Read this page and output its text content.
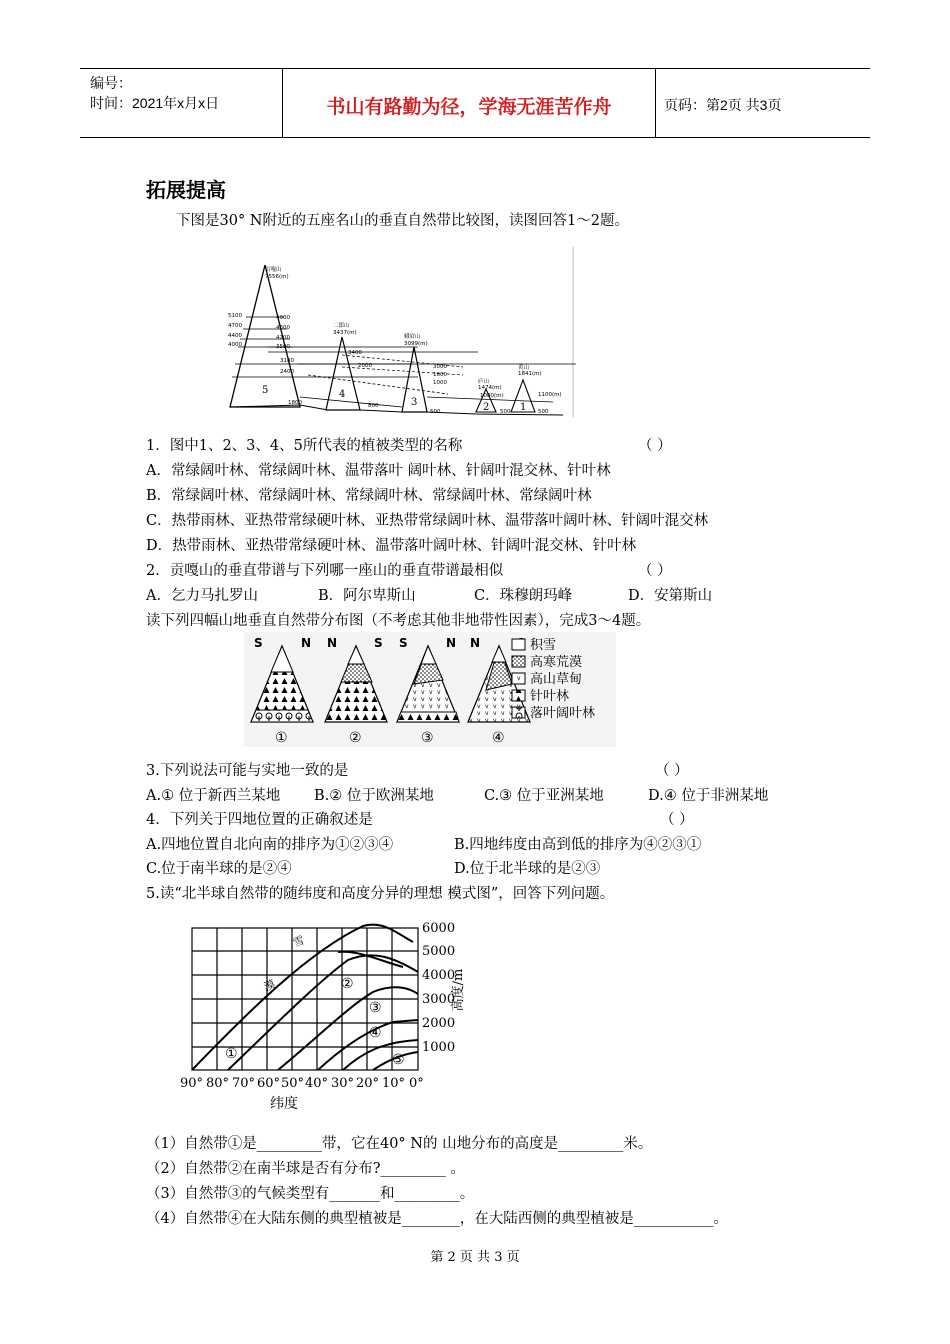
编号：
时间：2021年x月x日	书山有路勤为径，学海无涯苦作舟	页码：第2页 共3页
拓展提高
下图是30° N附近的五座名山的垂直自然带比较图，读图回答1～2题。
贡嘎山
7556(m)
二郎山
3437(m)
峨眉山
3099(m)
庐山
1474(m)
黄山
1841(m)
5100
4700
4400
4000
4900
4600
4200
3500
3100
2400
1800	800
500	500	500
3400
3000
2000
1600
1000
1000(m)	1100(m)
5	4
3	2	1
1．图中1、2、3、4、5所代表的植被类型的名称	（ ）
A．常绿阔叶林、常绿阔叶林、温带落叶 阔叶林、针阔叶混交林、针叶林
B．常绿阔叶林、常绿阔叶林、常绿阔叶林、常绿阔叶林、常绿阔叶林
C．热带雨林、亚热带常绿硬叶林、亚热带常绿阔叶林、温带落叶阔叶林、针阔叶混交林
D．热带雨林、亚热带常绿硬叶林、温带落叶阔叶林、针阔叶混交林、针叶林
2．贡嘎山的垂直带谱与下列哪一座山的垂直带谱最相似	（ ）
A．乞力马扎罗山	B．阿尔卑斯山	C．珠穆朗玛峰	D．安第斯山
读下列四幅山地垂直自然带分布图（不考虑其他非地带性因素），完成3～4题。
S	N N	S S	N N
①	②	③	④
积雪
高寒荒漠
高山草甸
针叶林
落叶阔叶林
3.下列说法可能与实地一致的是	（ ）
A.① 位于新西兰某地 B.② 位于欧洲某地	C.③ 位于亚洲某地	D.④ 位于非洲某地
4．下列关于四地位置的正确叙述是	（ ）
A.四地位置自北向南的排序为①②③④	B.四地纬度由高到低的排序为④②③①
C.位于南半球的是②④	D.位于北半球的是②③
5.读“北半球自然带的随纬度和高度分异的理想 模式图”，回答下列问题。
①
②
③
④
⑤
雪
漠
6000
5000
4000
3000
2000
1000
高度/m
90° 80° 70° 60° 50° 40° 30° 20° 10° 0°
纬度
（1）自然带①是_________带，它在40° N的 山地分布的高度是_________米。
（2）自然带②在南半球是否有分布?_________ 。
（3）自然带③的气候类型有_______和_________。
（4）自然带④在大陆东侧的典型植被是________，在大陆西侧的典型植被是___________。
第 2 页 共 3 页
